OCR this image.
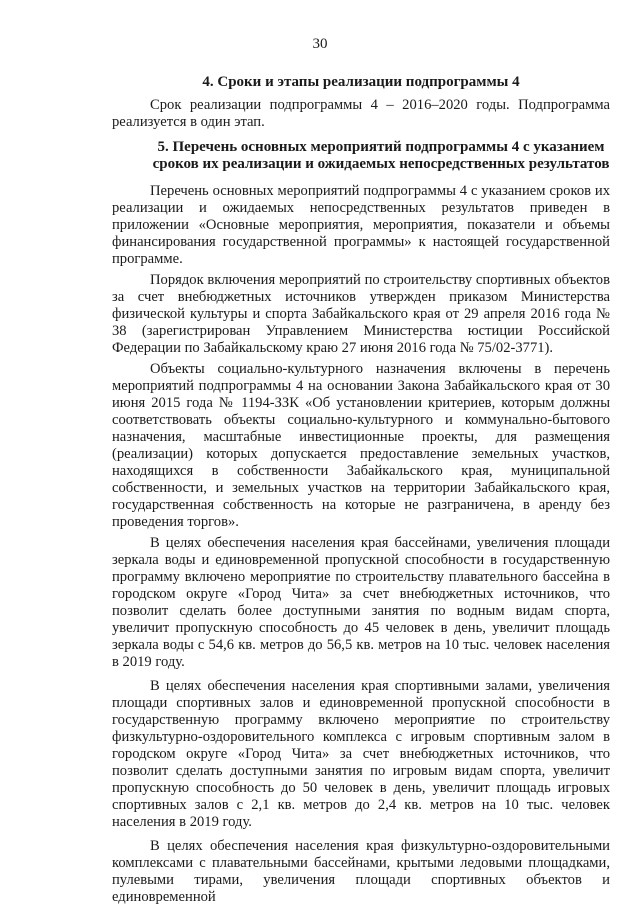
30

4. Сроки и этапы реализации подпрограммы 4

Срок реализации подпрограммы 4 – 2016–2020 годы. Подпрограмма реализуется в один этап.

5. Перечень основных мероприятий подпрограммы 4 с указанием сроков их реализации и ожидаемых непосредственных результатов

Перечень основных мероприятий подпрограммы 4 с указанием сроков их реализации и ожидаемых непосредственных результатов приведен в приложении «Основные мероприятия, мероприятия, показатели и объемы финансирования государственной программы» к настоящей государственной программе.

Порядок включения мероприятий по строительству спортивных объектов за счет внебюджетных источников утвержден приказом Министерства физической культуры и спорта Забайкальского края от 29 апреля 2016 года № 38 (зарегистрирован Управлением Министерства юстиции Российской Федерации по Забайкальскому краю 27 июня 2016 года № 75/02-3771).

Объекты социально-культурного назначения включены в перечень мероприятий подпрограммы 4 на основании Закона Забайкальского края от 30 июня 2015 года № 1194-ЗЗК «Об установлении критериев, которым должны соответствовать объекты социально-культурного и коммунально-бытового назначения, масштабные инвестиционные проекты, для размещения (реализации) которых допускается предоставление земельных участков, находящихся в собственности Забайкальского края, муниципальной собственности, и земельных участков на территории Забайкальского края, государственная собственность на которые не разграничена, в аренду без проведения торгов».

В целях обеспечения населения края бассейнами, увеличения площади зеркала воды и единовременной пропускной способности в государственную программу включено мероприятие по строительству плавательного бассейна в городском округе «Город Чита» за счет внебюджетных источников, что позволит сделать более доступными занятия по водным видам спорта, увеличит пропускную способность до 45 человек в день, увеличит площадь зеркала воды с 54,6 кв. метров до 56,5 кв. метров на 10 тыс. человек населения в 2019 году.

В целях обеспечения населения края спортивными залами, увеличения площади спортивных залов и единовременной пропускной способности в государственную программу включено мероприятие по строительству физкультурно-оздоровительного комплекса с игровым спортивным залом в городском округе «Город Чита» за счет внебюджетных источников, что позволит сделать доступными занятия по игровым видам спорта, увеличит пропускную способность до 50 человек в день, увеличит площадь игровых спортивных залов с 2,1 кв. метров до 2,4 кв. метров на 10 тыс. человек населения в 2019 году.

В целях обеспечения населения края физкультурно-оздоровительными комплексами с плавательными бассейнами, крытыми ледовыми площадками, пулевыми тирами, увеличения площади спортивных объектов и единовременной
